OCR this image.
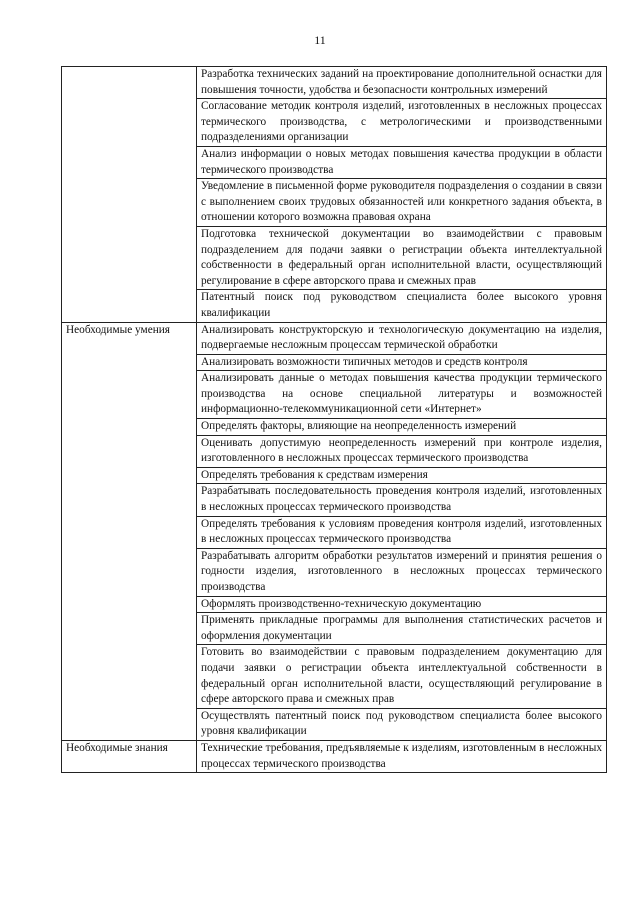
11
	Разработка технических заданий на проектирование дополнительной оснастки для повышения точности, удобства и безопасности контрольных измерений
	Согласование методик контроля изделий, изготовленных в несложных процессах термического производства, с метрологическими и производственными подразделениями организации
	Анализ информации о новых методах повышения качества продукции в области термического производства
	Уведомление в письменной форме руководителя подразделения о создании в связи с выполнением своих трудовых обязанностей или конкретного задания объекта, в отношении которого возможна правовая охрана
	Подготовка технической документации во взаимодействии с правовым подразделением для подачи заявки о регистрации объекта интеллектуальной собственности в федеральный орган исполнительной власти, осуществляющий регулирование в сфере авторского права и смежных прав
	Патентный поиск под руководством специалиста более высокого уровня квалификации
Необходимые умения	Анализировать конструкторскую и технологическую документацию на изделия, подвергаемые несложным процессам термической обработки
	Анализировать возможности типичных методов и средств контроля
	Анализировать данные о методах повышения качества продукции термического производства на основе специальной литературы и возможностей информационно-телекоммуникационной сети «Интернет»
	Определять факторы, влияющие на неопределенность измерений
	Оценивать допустимую неопределенность измерений при контроле изделия, изготовленного в несложных процессах термического производства
	Определять требования к средствам измерения
	Разрабатывать последовательность проведения контроля изделий, изготовленных в несложных процессах термического производства
	Определять требования к условиям проведения контроля изделий, изготовленных в несложных процессах термического производства
	Разрабатывать алгоритм обработки результатов измерений и принятия решения о годности изделия, изготовленного в несложных процессах термического производства
	Оформлять производственно-техническую документацию
	Применять прикладные программы для выполнения статистических расчетов и оформления документации
	Готовить во взаимодействии с правовым подразделением документацию для подачи заявки о регистрации объекта интеллектуальной собственности в федеральный орган исполнительной власти, осуществляющий регулирование в сфере авторского права и смежных прав
	Осуществлять патентный поиск под руководством специалиста более высокого уровня квалификации
Необходимые знания	Технические требования, предъявляемые к изделиям, изготовленным в несложных процессах термического производства
